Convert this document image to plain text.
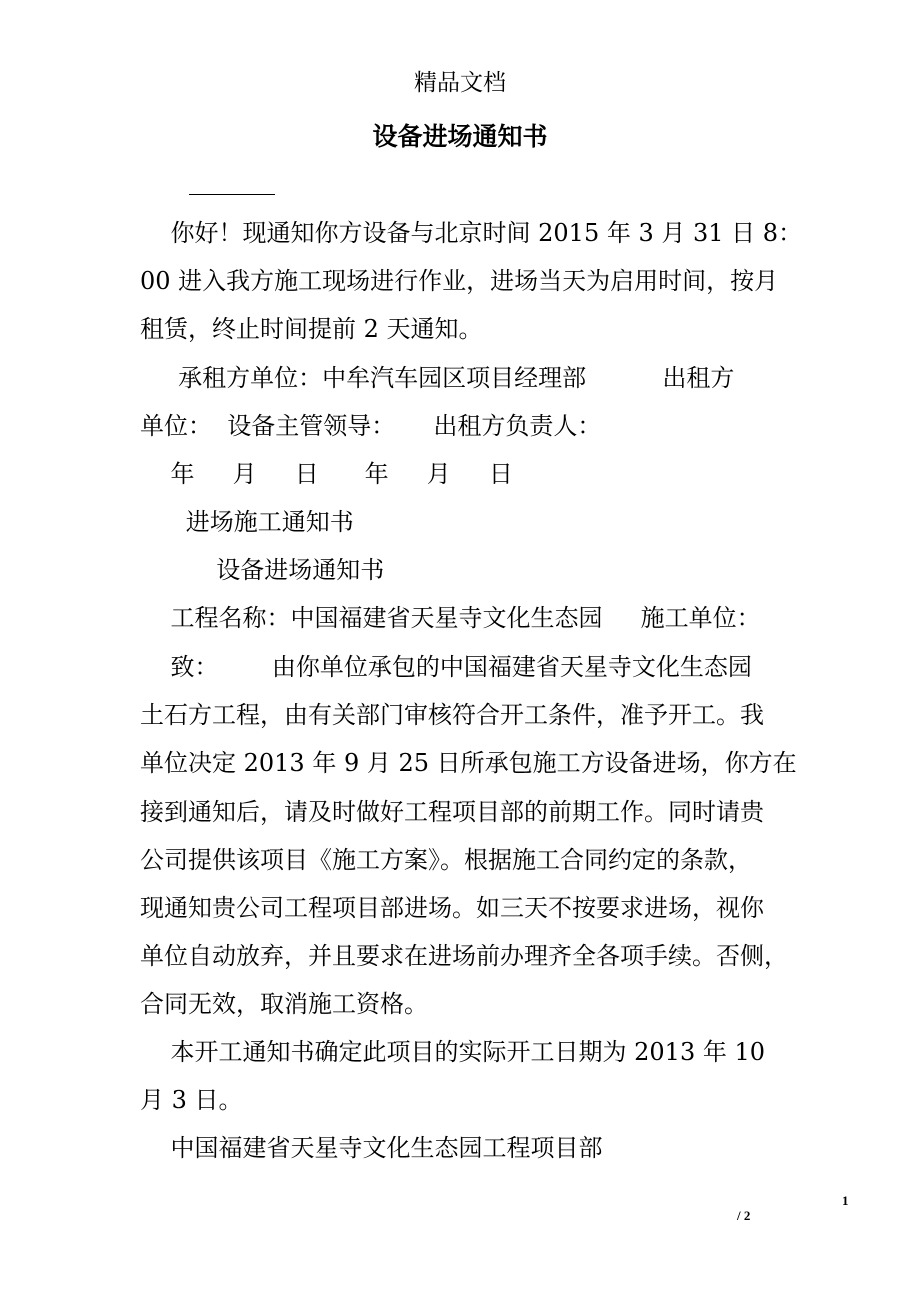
精品文档
设备进场通知书
你好！现通知你方设备与北京时间 2015 年 3 月 31 日 8：
00 进入我方施工现场进行作业，进场当天为启用时间，按月
租赁，终止时间提前 2 天通知。
承租方单位：中牟汽车园区项目经理部          出租方
单位：  设备主管领导：     出租方负责人：
年     月     日      年     月     日
进场施工通知书
设备进场通知书
工程名称：中国福建省天星寺文化生态园     施工单位：
致：       由你单位承包的中国福建省天星寺文化生态园
土石方工程，由有关部门审核符合开工条件，准予开工。我
单位决定 2013 年 9 月 25 日所承包施工方设备进场，你方在
接到通知后，请及时做好工程项目部的前期工作。同时请贵
公司提供该项目《施工方案》。根据施工合同约定的条款，
现通知贵公司工程项目部进场。如三天不按要求进场，视你
单位自动放弃，并且要求在进场前办理齐全各项手续。否侧，
合同无效，取消施工资格。
本开工通知书确定此项目的实际开工日期为 2013 年 10
月 3 日。
中国福建省天星寺文化生态园工程项目部
1
/ 2
